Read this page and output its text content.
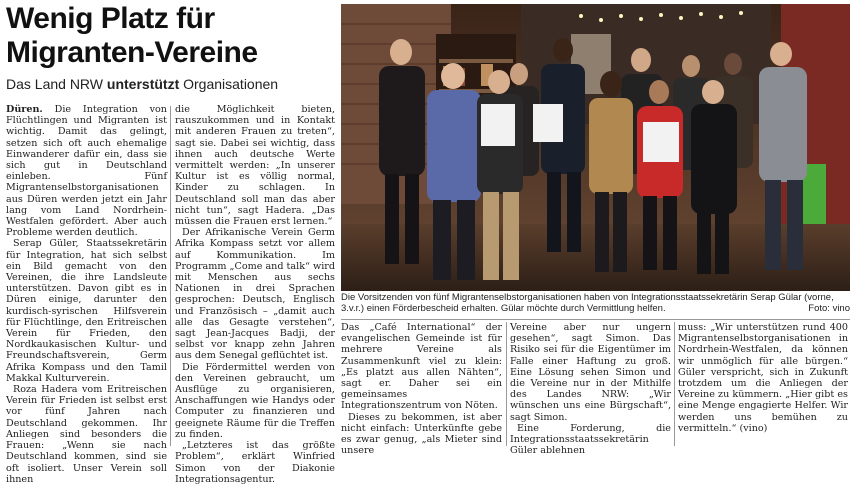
Wenig Platz für
Migranten-Vereine
Das Land NRW unterstützt Organisationen

Düren. Die Integration von Flüchtlingen und Migranten ist wichtig. Damit das gelingt, setzen sich oft auch ehemalige Einwanderer dafür ein, dass sie sich gut in Deutschland einleben. Fünf Migrantenselbstorganisationen aus Düren werden jetzt ein Jahr lang vom Land Nordrhein-Westfalen gefördert. Aber auch Probleme werden deutlich.

Serap Güler, Staatssekretärin für Integration, hat sich selbst ein Bild gemacht von den Vereinen, die ihre Landsleute unterstützen. Davon gibt es in Düren einige, darunter den kurdisch-syrischen Hilfsverein für Flüchtlinge, den Eritreischen Verein für Frieden, den Nordkaukasischen Kultur- und Freundschaftsverein, Germ Afrika Kompass und den Tamil Makkal Kulturverein.

Roza Hadera vom Eritreischen Verein für Frieden ist selbst erst vor fünf Jahren nach Deutschland gekommen. Ihr Anliegen sind besonders die Frauen: „Wenn sie nach Deutschland kommen, sind sie oft isoliert. Unser Verein soll ihnen

die Möglichkeit bieten, rauszukommen und in Kontakt mit anderen Frauen zu treten“, sagt sie. Dabei sei wichtig, dass ihnen auch deutsche Werte vermittelt werden: „In unserer Kultur ist es völlig normal, Kinder zu schlagen. In Deutschland soll man das aber nicht tun“, sagt Hadera. „Das müssen die Frauen erst lernen.“

Der Afrikanische Verein Germ Afrika Kompass setzt vor allem auf Kommunikation. Im Programm „Come and talk“ wird mit Menschen aus sechs Nationen in drei Sprachen gesprochen: Deutsch, Englisch und Französisch – „damit auch alle das Gesagte verstehen“, sagt Jean-Jacques Badji, der selbst vor knapp zehn Jahren aus dem Senegal geflüchtet ist.

Die Fördermittel werden von den Vereinen gebraucht, um Ausflüge zu organisieren, Anschaffungen wie Handys oder Computer zu finanzieren und geeignete Räume für die Treffen zu finden.

„Letzteres ist das größte Problem“, erklärt Winfried Simon von der Diakonie Integrationsagentur.

Die Vorsitzenden von fünf Migrantenselbstorganisationen haben von Integrationsstaatssekretärin Serap Gülar (vorne, 3.v.r.) einen Förderbescheid erhalten. Gülar möchte durch Vermittlung helfen.	Foto: vino

Das „Café International“ der evangelischen Gemeinde ist für mehrere Vereine als Zusammenkunft viel zu klein: „Es platzt aus allen Nähten“, sagt er. Daher sei ein gemeinsames Integrationszentrum von Nöten.

Dieses zu bekommen, ist aber nicht einfach: Unterkünfte gebe es zwar genug, „als Mieter sind unsere

Vereine aber nur ungern gesehen“, sagt Simon. Das Risiko sei für die Eigentümer im Falle einer Haftung zu groß. Eine Lösung sehen Simon und die Vereine nur in der Mithilfe des Landes NRW: „Wir wünschen uns eine Bürgschaft“, sagt Simon.

Eine Forderung, die Integrationsstaatssekretärin Güler ablehnen

muss: „Wir unterstützen rund 400 Migrantenselbstorganisationen in Nordrhein-Westfalen, da können wir unmöglich für alle bürgen.“ Güler verspricht, sich in Zukunft trotzdem um die Anliegen der Vereine zu kümmern. „Hier gibt es eine Menge engagierte Helfer. Wir werden uns bemühen zu vermitteln.“ (vino)
